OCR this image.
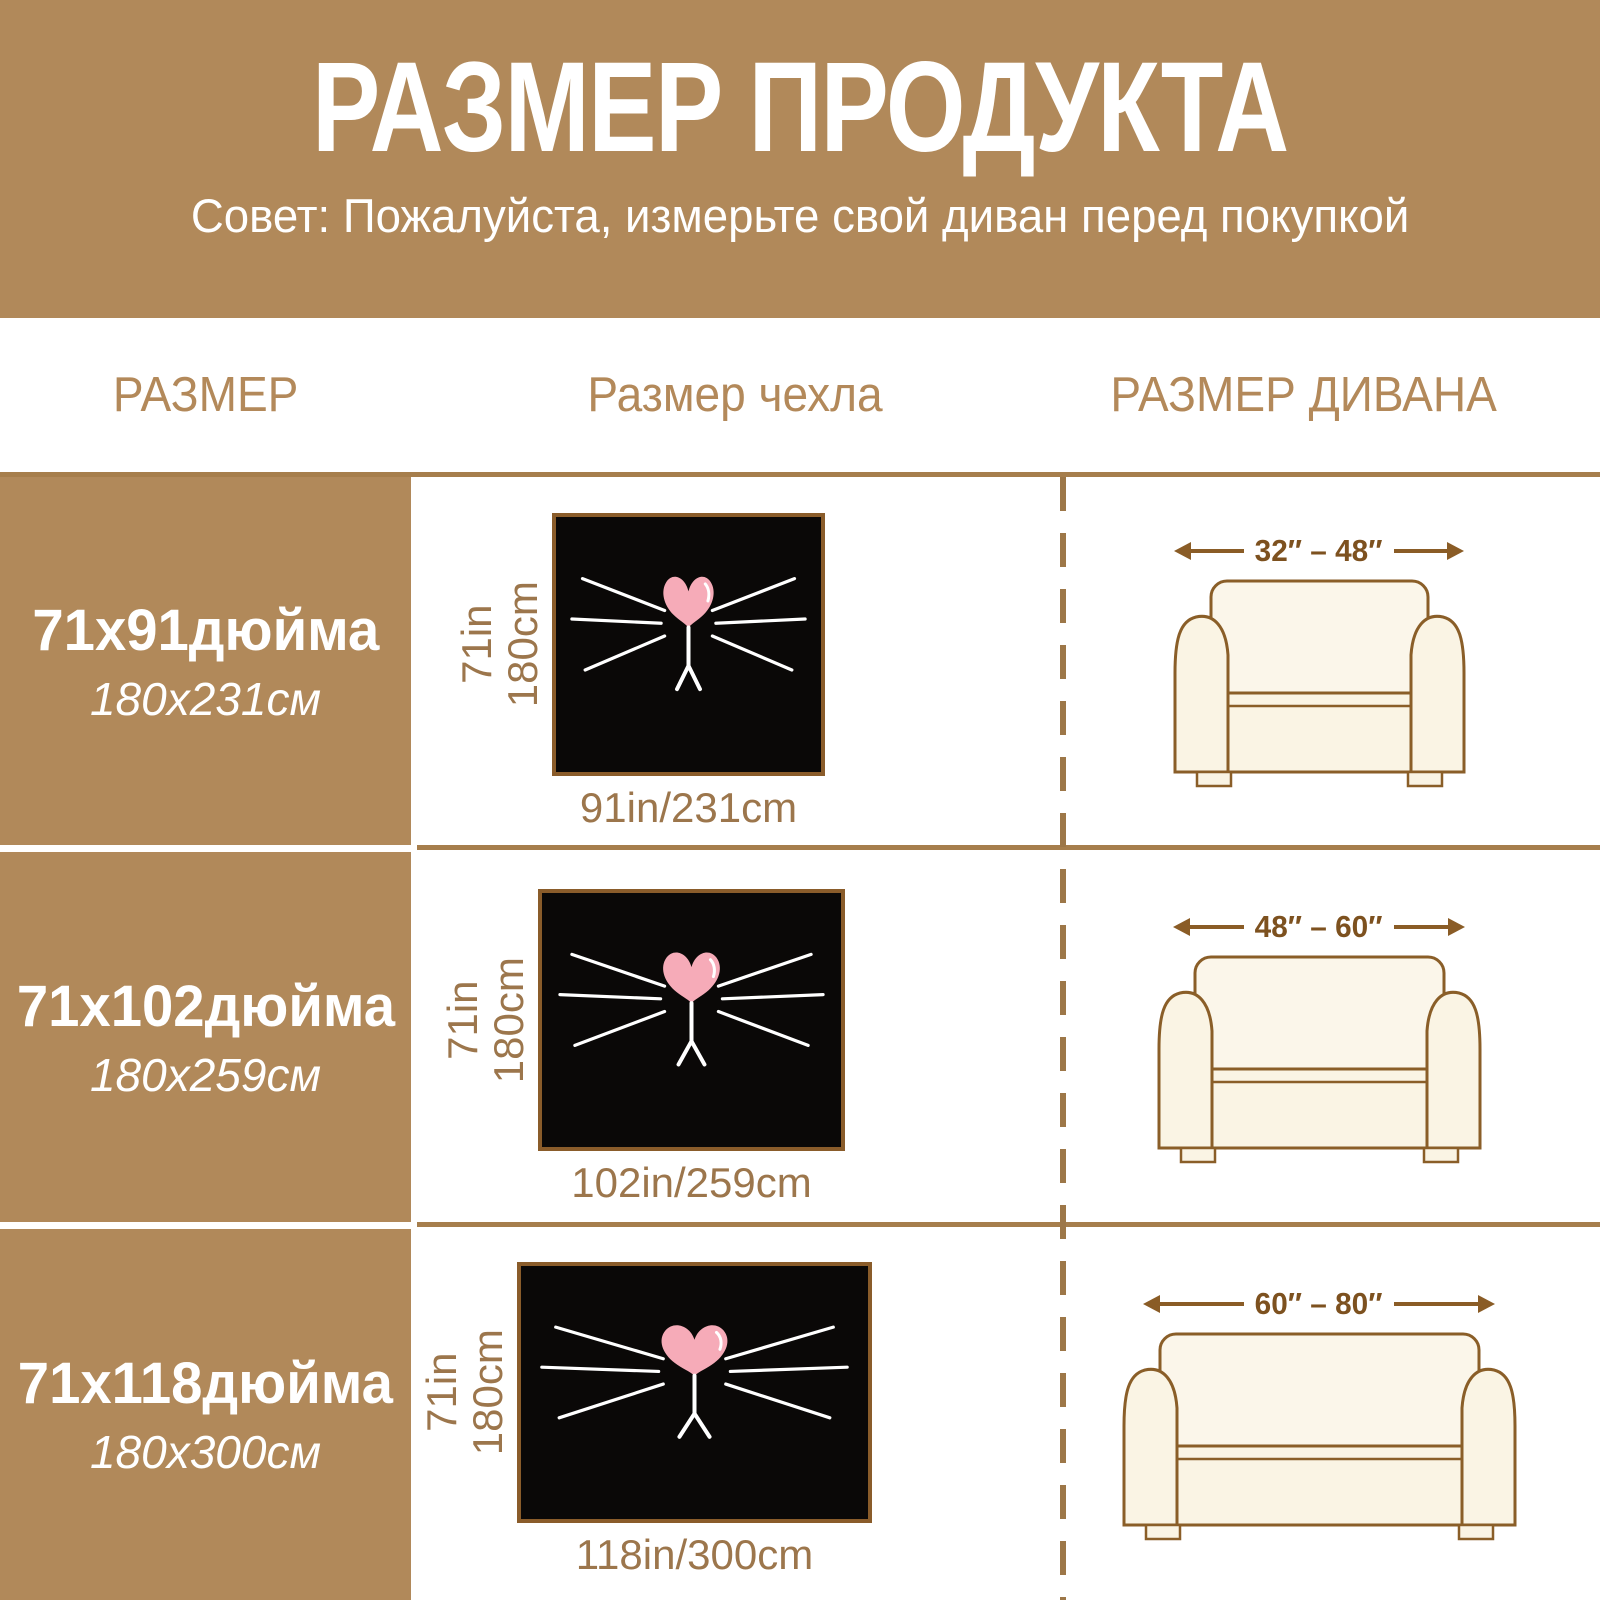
РАЗМЕР ПРОДУКТА
Совет: Пожалуйста, измерьте свой диван перед покупкой
РАЗМЕР	Размер чехла	РАЗМЕР ДИВАНА
71x91дюйма
180x231см
71x102дюйма
180x259см
71x118дюйма
180x300см
71in 180cm
91in/231cm
71in 180cm
102in/259cm
71in 180cm
118in/300cm
32″ – 48″
48″ – 60″
60″ – 80″
